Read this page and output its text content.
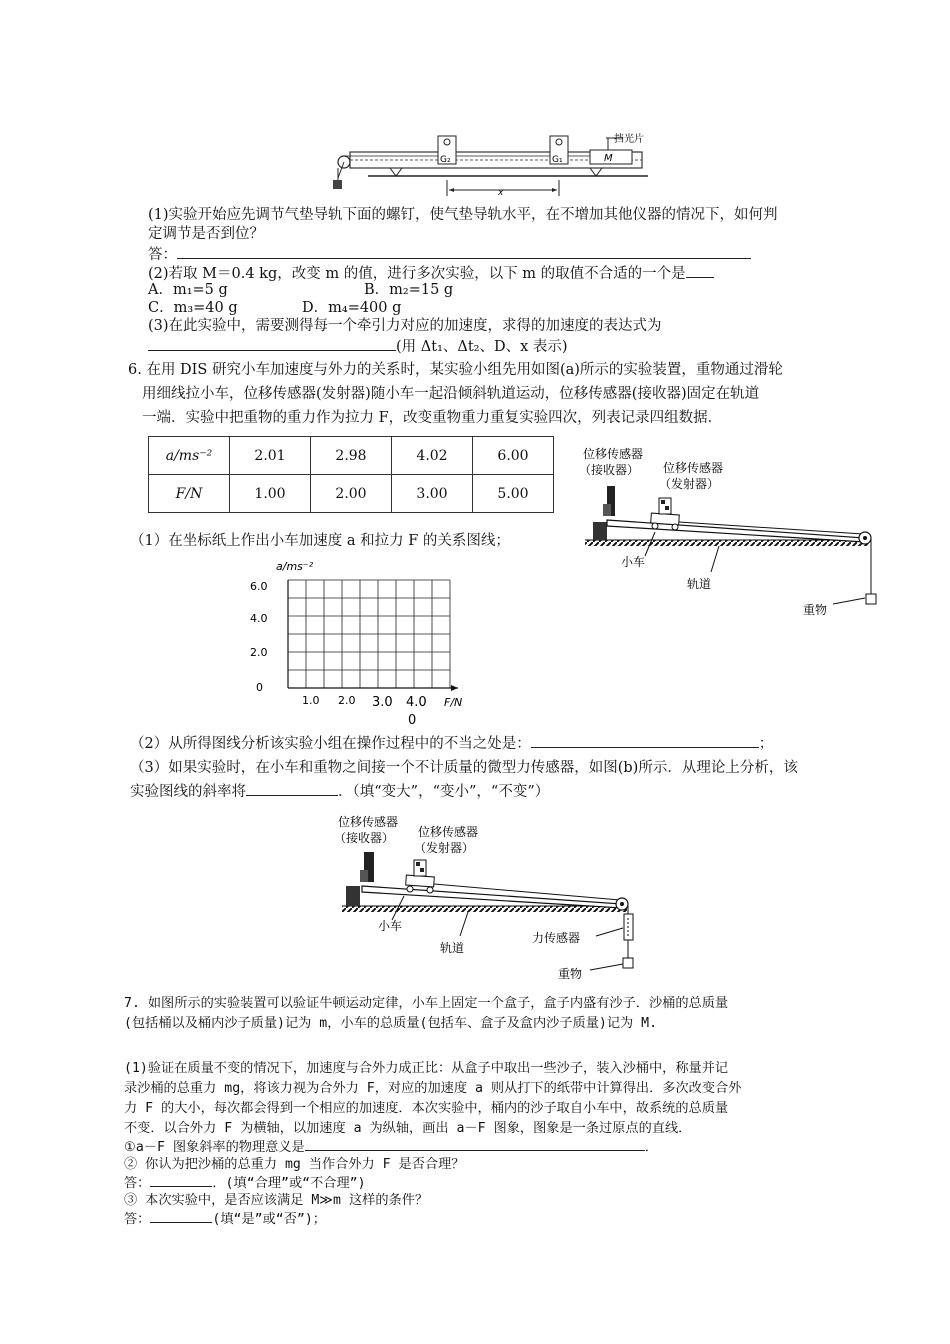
G₂	G₁	M
挡光片
x
(1)实验开始应先调节气垫导轨下面的螺钉，使气垫导轨水平，在不增加其他仪器的情况下，如何判
定调节是否到位？
答：
(2)若取 M＝0.4 kg，改变 m 的值，进行多次实验，以下 m 的取值不合适的一个是
A．m₁=5 g	B．m₂=15 g
C．m₃=40 g	D．m₄=400 g
(3)在此实验中，需要测得每一个牵引力对应的加速度，求得的加速度的表达式为
(用 Δt₁、Δt₂、D、x 表示)
6. 在用 DIS 研究小车加速度与外力的关系时，某实验小组先用如图(a)所示的实验装置，重物通过滑轮
用细线拉小车，位移传感器(发射器)随小车一起沿倾斜轨道运动，位移传感器(接收器)固定在轨道
一端．实验中把重物的重力作为拉力 F，改变重物重力重复实验四次，列表记录四组数据．
a/ms⁻²	2.01	2.98	4.02	6.00
F/N	1.00	2.00	3.00	5.00
位移传感器
（接收器） 位移传感器
（发射器）
重物
小车
轨道
（1）在坐标纸上作出小车加速度 a 和拉力 F 的关系图线；
a/ms⁻²
F/N
6.0
4.0
2.0
0
1.0 2.0 3.0 4.0
0
（2）从所得图线分析该实验小组在操作过程中的不当之处是：	；
（3）如果实验时，在小车和重物之间接一个不计质量的微型力传感器，如图(b)所示．从理论上分析，该
实验图线的斜率将	．（填“变大”，“变小”，“不变”）
位移传感器
（接收器） 位移传感器
（发射器）
力传感器
重物
小车
轨道
7. 如图所示的实验装置可以验证牛顿运动定律，小车上固定一个盒子，盒子内盛有沙子．沙桶的总质量
(包括桶以及桶内沙子质量)记为 m，小车的总质量(包括车、盒子及盒内沙子质量)记为 M.
(1)验证在质量不变的情况下，加速度与合外力成正比：从盒子中取出一些沙子，装入沙桶中，称量并记
录沙桶的总重力 mg，将该力视为合外力 F，对应的加速度 a 则从打下的纸带中计算得出．多次改变合外
力 F 的大小，每次都会得到一个相应的加速度．本次实验中，桶内的沙子取自小车中，故系统的总质量
不变．以合外力 F 为横轴，以加速度 a 为纵轴，画出 a－F 图象，图象是一条过原点的直线．
①a－F 图象斜率的物理意义是	．
② 你认为把沙桶的总重力 mg 当作合外力 F 是否合理？
答：	．(填“合理”或“不合理”)
③ 本次实验中，是否应该满足 M≫m 这样的条件？
答：	(填“是”或“否”)；
